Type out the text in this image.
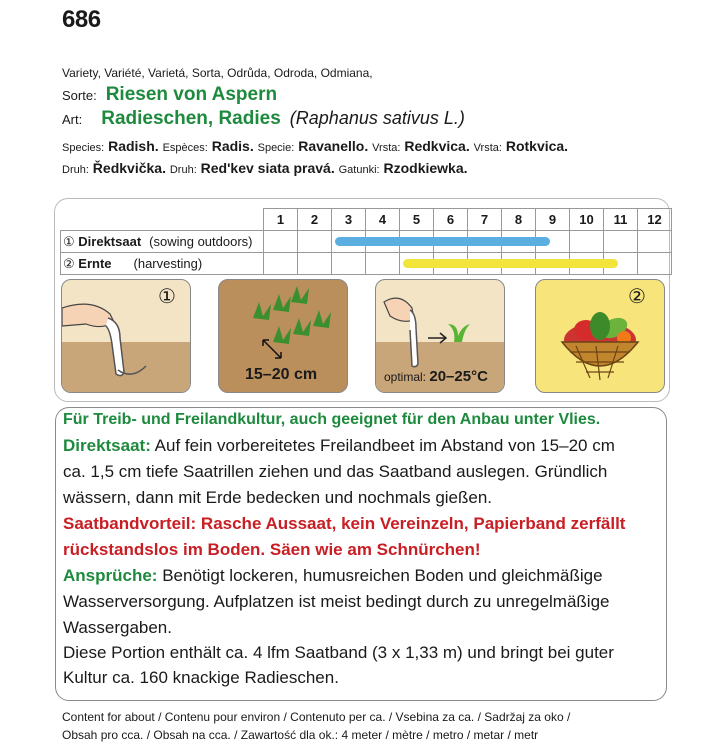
686
Variety, Variété, Varietá, Sorta, Odrůda, Odroda, Odmiana,
Sorte: Riesen von Aspern
Art: Radieschen, Radies (Raphanus sativus L.)
Species: Radish. Espèces: Radis. Specie: Ravanello. Vrsta: Redkvica. Vrsta: Rotkvica.
Druh: Ředkvička. Druh: Red'kev siata pravá. Gatunki: Rzodkiewka.
	1	2	3	4	5	6	7	8	9	10	11	12
① Direktsaat (sowing outdoors)												
② Ernte (harvesting)												
①
15–20 cm	optimal: 20–25°C
②
Für Treib- und Freilandkultur, auch geeignet für den Anbau unter Vlies.
Direktsaat: Auf fein vorbereitetes Freilandbeet im Abstand von 15–20 cm
ca. 1,5 cm tiefe Saatrillen ziehen und das Saatband auslegen. Gründlich
wässern, dann mit Erde bedecken und nochmals gießen.
Saatbandvorteil: Rasche Aussaat, kein Vereinzeln, Papierband zerfällt
rückstandslos im Boden. Säen wie am Schnürchen!
Ansprüche: Benötigt lockeren, humusreichen Boden und gleichmäßige
Wasserversorgung. Aufplatzen ist meist bedingt durch zu unregelmäßige
Wassergaben.
Diese Portion enthält ca. 4 lfm Saatband (3 x 1,33 m) und bringt bei guter
Kultur ca. 160 knackige Radieschen.
Content for about / Contenu pour environ / Contenuto per ca. / Vsebina za ca. / Sadržaj za oko /
Obsah pro cca. / Obsah na cca. / Zawartość dla ok.: 4 meter / mètre / metro / metar / metr
